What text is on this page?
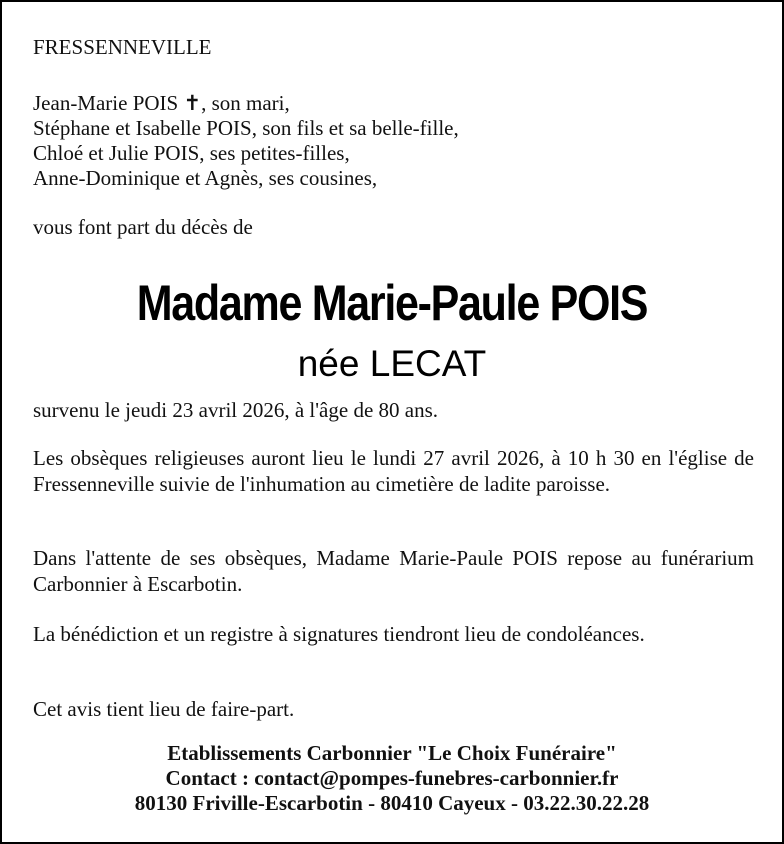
FRESSENNEVILLE
Jean-Marie POIS ✝, son mari,
Stéphane et Isabelle POIS, son fils et sa belle-fille,
Chloé et Julie POIS, ses petites-filles,
Anne-Dominique et Agnès, ses cousines,
vous font part du décès de
Madame Marie-Paule POIS
née LECAT
survenu le jeudi 23 avril 2026, à l'âge de 80 ans.
Les obsèques religieuses auront lieu le lundi 27 avril 2026, à 10 h 30 en l'église de Fressenneville suivie de l'inhumation au cimetière de ladite paroisse.
Dans l'attente de ses obsèques, Madame Marie-Paule POIS repose au funérarium Carbonnier à Escarbotin.
La bénédiction et un registre à signatures tiendront lieu de condoléances.
Cet avis tient lieu de faire-part.
Etablissements Carbonnier "Le Choix Funéraire"
Contact : contact@pompes-funebres-carbonnier.fr
80130 Friville-Escarbotin - 80410 Cayeux - 03.22.30.22.28
